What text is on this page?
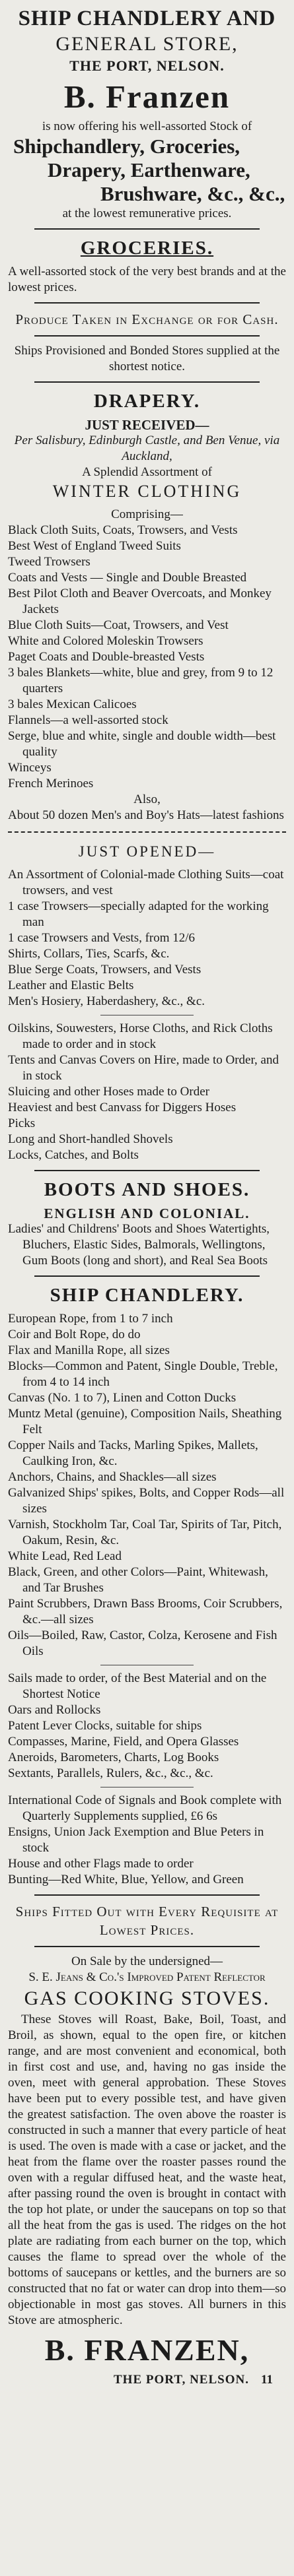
SHIP CHANDLERY AND
GENERAL STORE,
THE PORT, NELSON.
B. Franzen
is now offering his well-assorted Stock of
Shipchandlery, Groceries,
Drapery, Earthenware,
Brushware, &c., &c.,
at the lowest remunerative prices.
GROCERIES.
A well-assorted stock of the very best brands and at the lowest prices.
Produce Taken in Exchange or for Cash.
Ships Provisioned and Bonded Stores supplied at the shortest notice.
DRAPERY.
JUST RECEIVED—
Per Salisbury, Edinburgh Castle, and Ben Venue, via Auckland,
A Splendid Assortment of
WINTER CLOTHING
Comprising—
Black Cloth Suits, Coats, Trowsers, and Vests
Best West of England Tweed Suits
Tweed Trowsers
Coats and Vests — Single and Double Breasted
Best Pilot Cloth and Beaver Overcoats, and Monkey Jackets
Blue Cloth Suits—Coat, Trowsers, and Vest
White and Colored Moleskin Trowsers
Paget Coats and Double-breasted Vests
3 bales Blankets—white, blue and grey, from 9 to 12 quarters
3 bales Mexican Calicoes
Flannels—a well-assorted stock
Serge, blue and white, single and double width—best quality
Winceys
French Merinoes
Also,
About 50 dozen Men's and Boy's Hats—latest fashions
JUST OPENED—
An Assortment of Colonial-made Clothing Suits—coat trowsers, and vest
1 case Trowsers—specially adapted for the working man
1 case Trowsers and Vests, from 12/6
Shirts, Collars, Ties, Scarfs, &c.
Blue Serge Coats, Trowsers, and Vests
Leather and Elastic Belts
Men's Hosiery, Haberdashery, &c., &c.
Oilskins, Souwesters, Horse Cloths, and Rick Cloths made to order and in stock
Tents and Canvas Covers on Hire, made to Order, and in stock
Sluicing and other Hoses made to Order
Heaviest and best Canvass for Diggers Hoses
Picks
Long and Short-handled Shovels
Locks, Catches, and Bolts
BOOTS AND SHOES.
ENGLISH AND COLONIAL.
Ladies' and Childrens' Boots and Shoes Watertights, Bluchers, Elastic Sides, Balmorals, Wellingtons, Gum Boots (long and short), and Real Sea Boots
SHIP CHANDLERY.
European Rope, from 1 to 7 inch
Coir and Bolt Rope, do do
Flax and Manilla Rope, all sizes
Blocks—Common and Patent, Single Double, Treble, from 4 to 14 inch
Canvas (No. 1 to 7), Linen and Cotton Ducks
Muntz Metal (genuine), Composition Nails, Sheathing Felt
Copper Nails and Tacks, Marling Spikes, Mallets, Caulking Iron, &c.
Anchors, Chains, and Shackles—all sizes
Galvanized Ships' spikes, Bolts, and Copper Rods—all sizes
Varnish, Stockholm Tar, Coal Tar, Spirits of Tar, Pitch, Oakum, Resin, &c.
White Lead, Red Lead
Black, Green, and other Colors—Paint, Whitewash, and Tar Brushes
Paint Scrubbers, Drawn Bass Brooms, Coir Scrubbers, &c.—all sizes
Oils—Boiled, Raw, Castor, Colza, Kerosene and Fish Oils
Sails made to order, of the Best Material and on the Shortest Notice
Oars and Rollocks
Patent Lever Clocks, suitable for ships
Compasses, Marine, Field, and Opera Glasses
Aneroids, Barometers, Charts, Log Books
Sextants, Parallels, Rulers, &c., &c., &c.
International Code of Signals and Book complete with Quarterly Supplements supplied, £6 6s
Ensigns, Union Jack Exemption and Blue Peters in stock
House and other Flags made to order
Bunting—Red White, Blue, Yellow, and Green
Ships Fitted Out with Every Requisite at Lowest Prices.
On Sale by the undersigned—
S. E. Jeans & Co.'s Improved Patent Reflector
GAS COOKING STOVES.
These Stoves will Roast, Bake, Boil, Toast, and Broil, as shown, equal to the open fire, or kitchen range, and are most convenient and economical, both in first cost and use, and, having no gas inside the oven, meet with general approbation. These Stoves have been put to every possible test, and have given the greatest satisfaction. The oven above the roaster is constructed in such a manner that every particle of heat is used. The oven is made with a case or jacket, and the heat from the flame over the roaster passes round the oven with a regular diffused heat, and the waste heat, after passing round the oven is brought in contact with the top hot plate, or under the saucepans on top so that all the heat from the gas is used. The ridges on the hot plate are radiating from each burner on the top, which causes the flame to spread over the whole of the bottoms of saucepans or kettles, and the burners are so constructed that no fat or water can drop into them—so objectionable in most gas stoves. All burners in this Stove are atmospheric.
B. FRANZEN,
THE PORT, NELSON. 11
